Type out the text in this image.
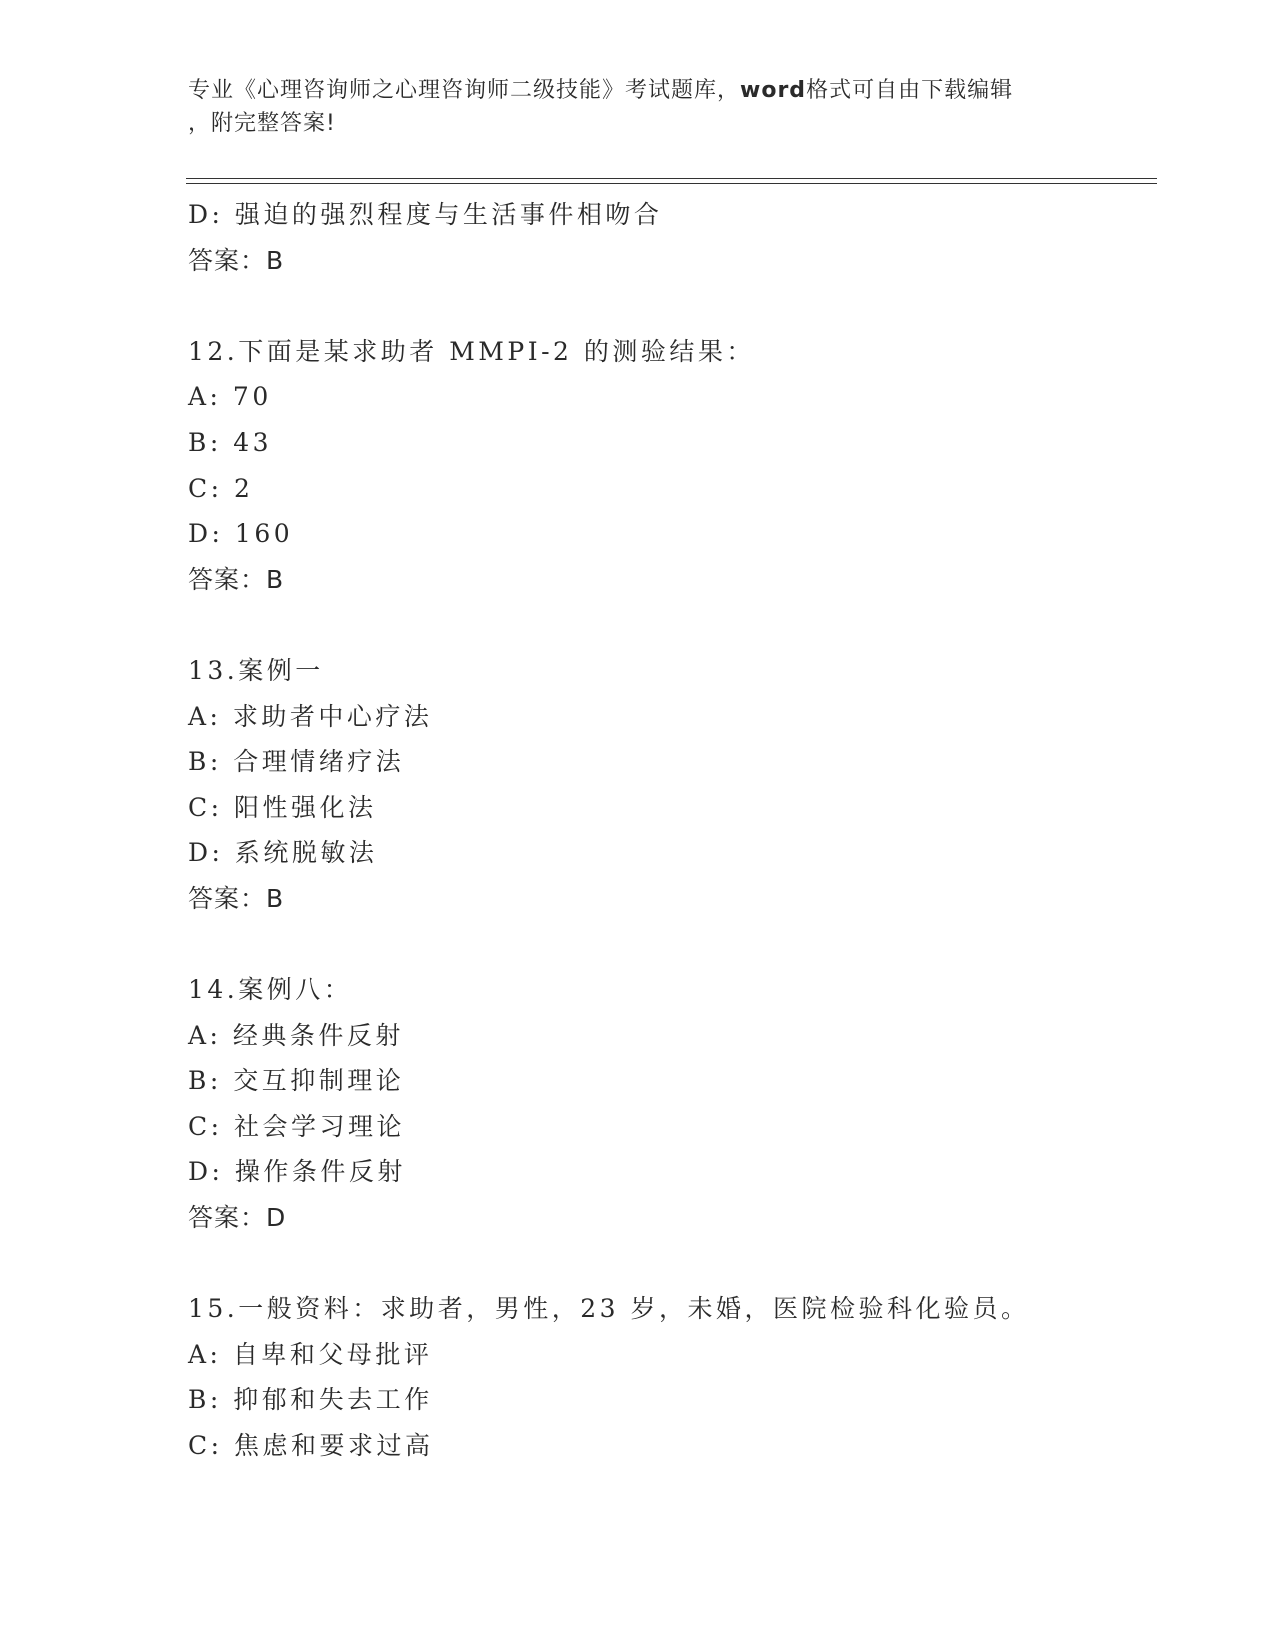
专业《心理咨询师之心理咨询师二级技能》考试题库，word格式可自由下载编辑
，附完整答案!
D: 强迫的强烈程度与生活事件相吻合
答案：B
12.下面是某求助者 MMPI-2 的测验结果：
A: 70
B: 43
C: 2
D: 160
答案：B
13.案例一
A: 求助者中心疗法
B: 合理情绪疗法
C: 阳性强化法
D: 系统脱敏法
答案：B
14.案例八：
A: 经典条件反射
B: 交互抑制理论
C: 社会学习理论
D: 操作条件反射
答案：D
15.一般资料：求助者，男性，23 岁，未婚，医院检验科化验员。
A: 自卑和父母批评
B: 抑郁和失去工作
C: 焦虑和要求过高
